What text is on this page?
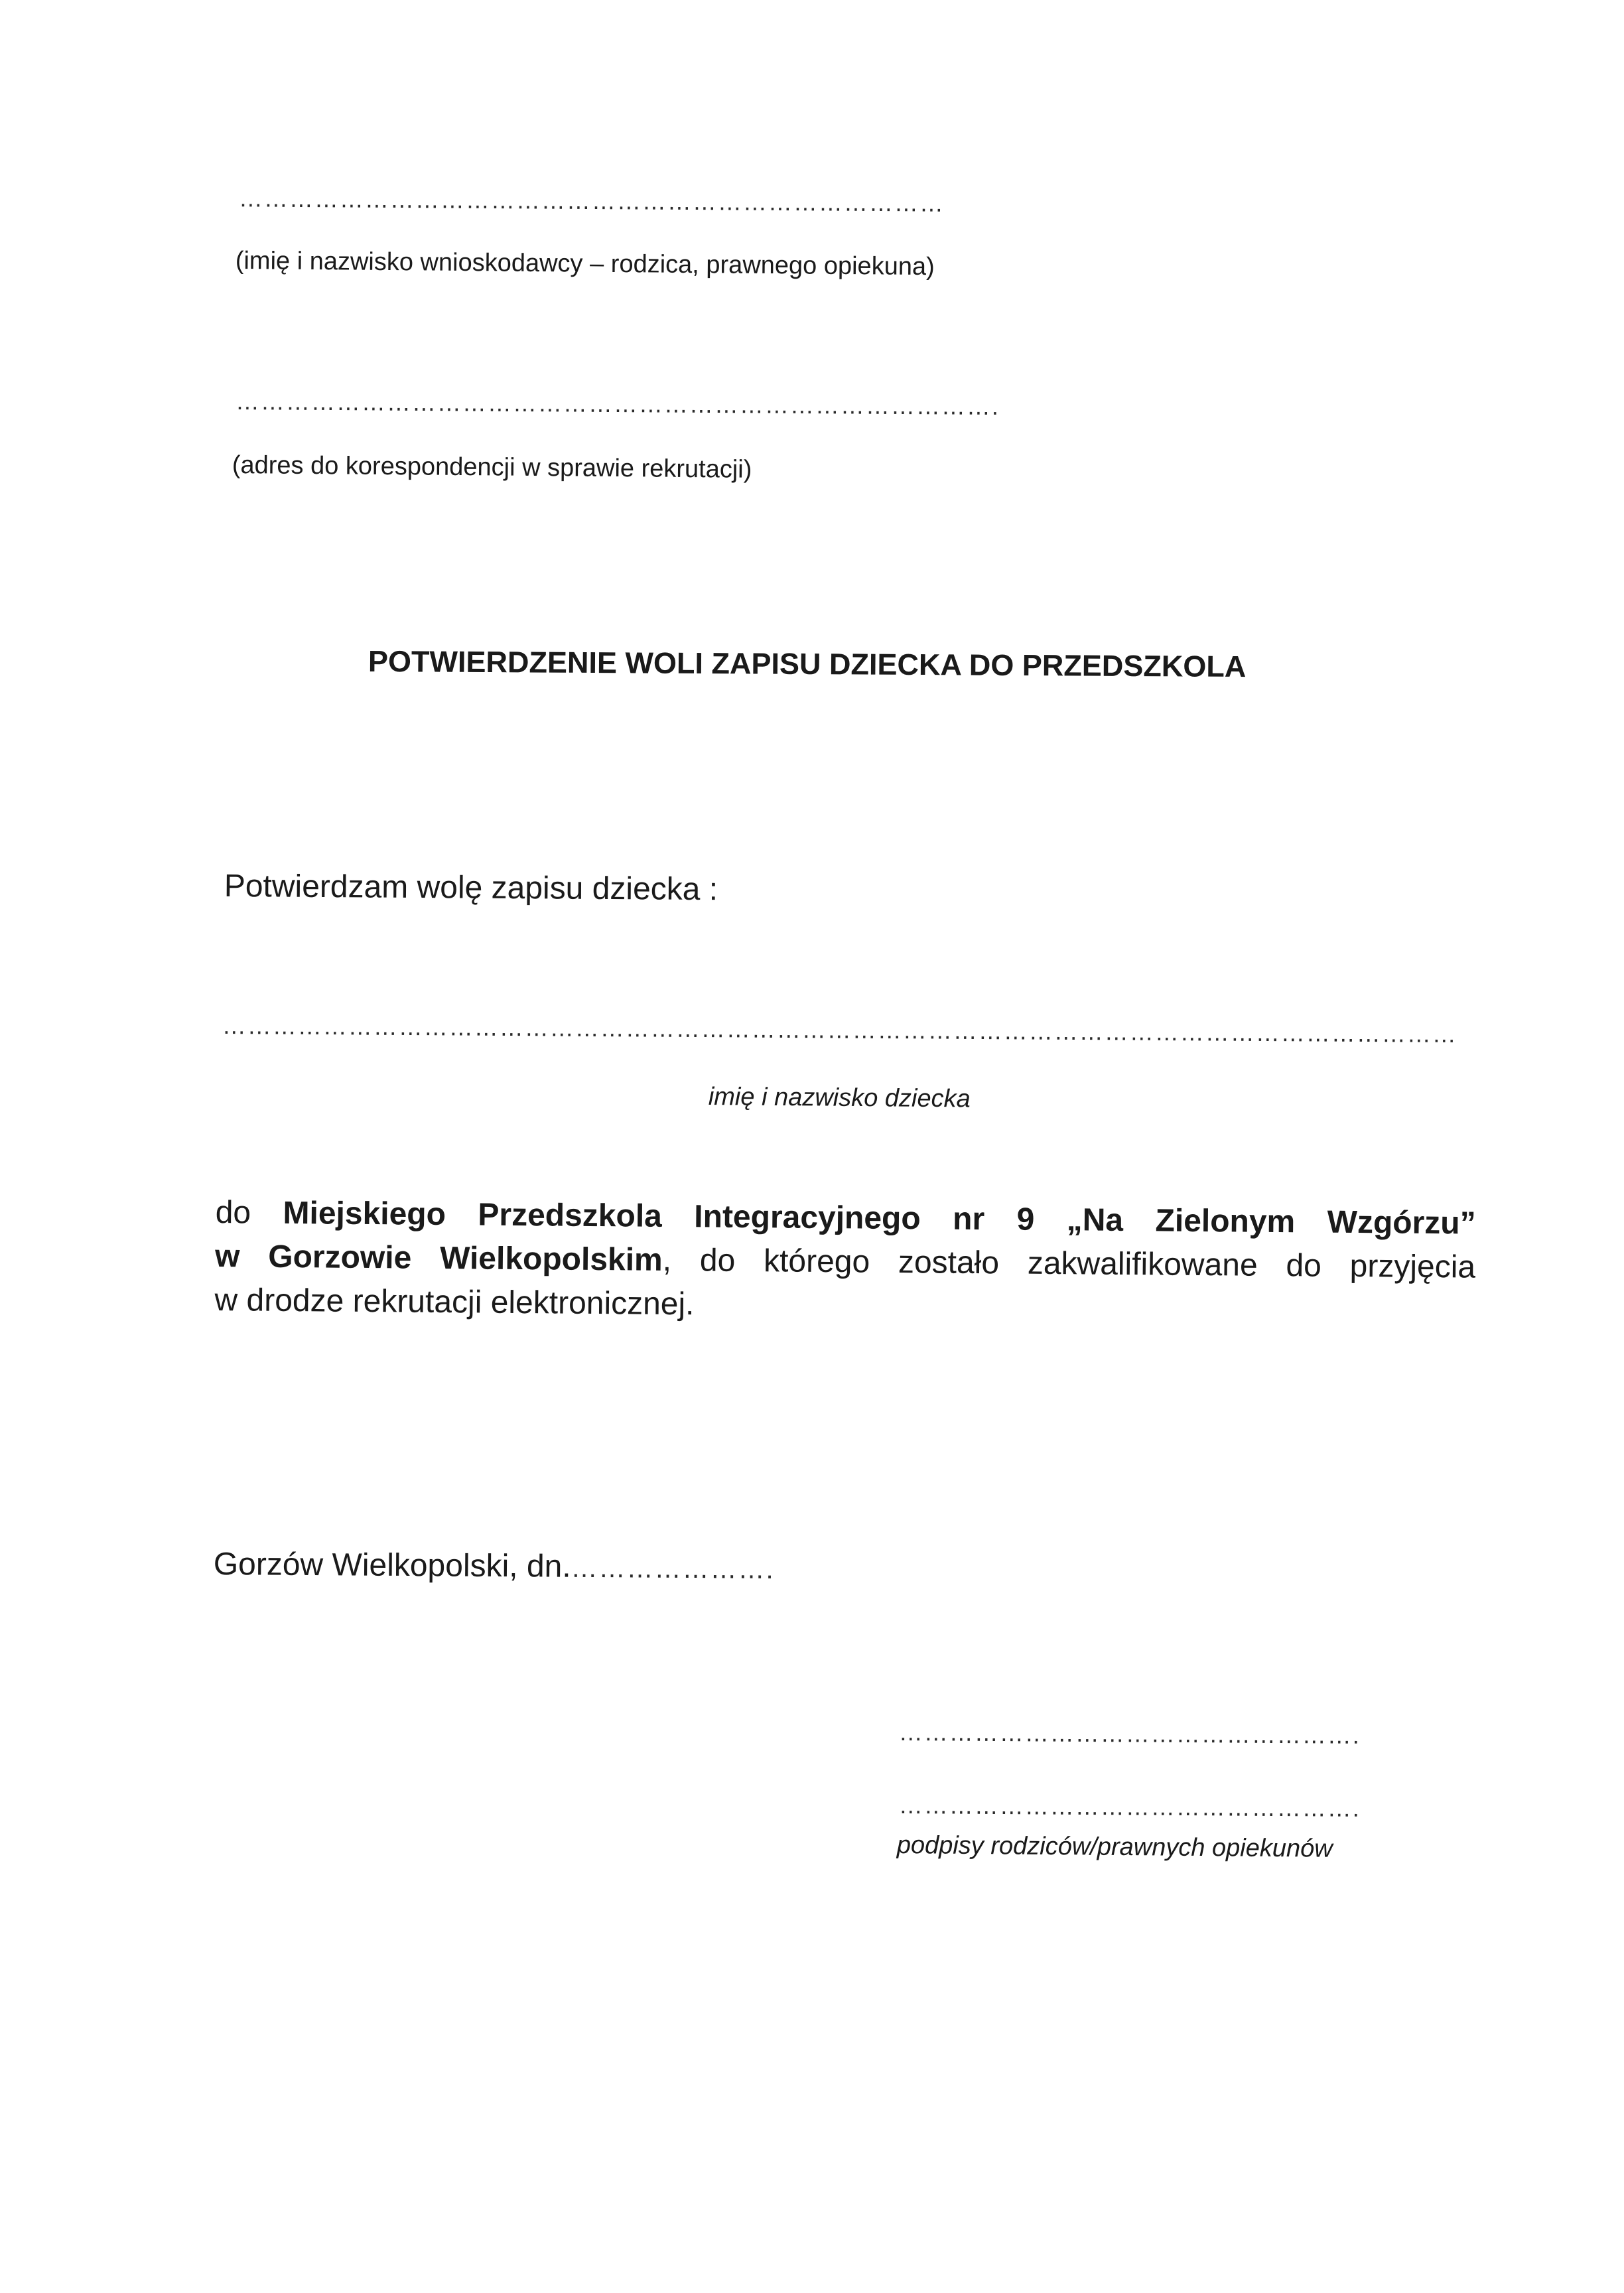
…………………………………………………………………………
(imię i nazwisko wnioskodawcy – rodzica, prawnego opiekuna)
……………………………………………………………………………….
(adres do korespondencji w sprawie rekrutacji)
POTWIERDZENIE WOLI ZAPISU DZIECKA DO PRZEDSZKOLA
Potwierdzam wolę zapisu dziecka :
…………………………………………………………………………………………………………………………………
imię i nazwisko dziecka
do Miejskiego Przedszkola Integracyjnego nr 9 „Na Zielonym Wzgórzu”
w Gorzowie Wielkopolskim, do którego zostało zakwalifikowane do przyjęcia
w drodze rekrutacji elektronicznej.
Gorzów Wielkopolski, dn.………………….
……………………………………………….
……………………………………………….
podpisy rodziców/prawnych opiekunów
